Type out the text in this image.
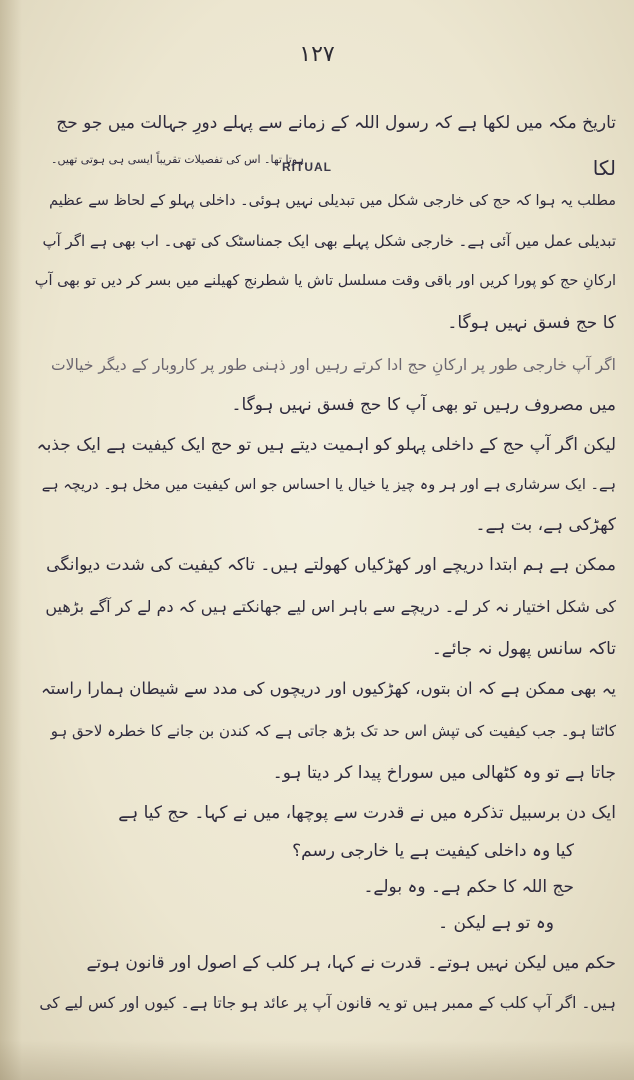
۱۲۷
RITUAL
تاریخ مکہ میں لکھا ہے کہ رسول اللہ کے زمانے سے پہلے دورِ جہالت میں جو حج
ہوتا تھا۔ اس کی تفصیلات تقریباً ایسی ہی ہوتی تھیں۔	لکا
مطلب یہ ہوا کہ حج کی خارجی شکل میں تبدیلی نہیں ہوئی۔ داخلی پہلو کے لحاظ سے عظیم
تبدیلی عمل میں آئی ہے۔ خارجی شکل پہلے بھی ایک جمناسٹک کی تھی۔ اب بھی ہے اگر آپ
ارکانِ حج کو پورا کریں اور باقی وقت مسلسل تاش یا شطرنج کھیلنے میں بسر کر دیں تو بھی آپ
کا حج فسق نہیں ہوگا۔
اگر آپ خارجی طور پر ارکانِ حج ادا کرتے رہیں اور ذہنی طور پر کاروبار کے دیگر خیالات
میں مصروف رہیں تو بھی آپ کا حج فسق نہیں ہوگا۔
لیکن اگر آپ حج کے داخلی پہلو کو اہمیت دیتے ہیں تو حج ایک کیفیت ہے ایک جذبہ
ہے۔ ایک سرشاری ہے اور ہر وہ چیز یا خیال یا احساس جو اس کیفیت میں مخل ہو۔ دریچہ ہے
کھڑکی ہے، بت ہے۔
ممکن ہے ہم ابتدا دریچے اور کھڑکیاں کھولتے ہیں۔ تاکہ کیفیت کی شدت دیوانگی
کی شکل اختیار نہ کر لے۔ دریچے سے باہر اس لیے جھانکتے ہیں کہ دم لے کر آگے بڑھیں
تاکہ سانس پھول نہ جائے۔
یہ بھی ممکن ہے کہ ان بتوں، کھڑکیوں اور دریچوں کی مدد سے شیطان ہمارا راستہ
کاٹتا ہو۔ جب کیفیت کی تپش اس حد تک بڑھ جاتی ہے کہ کندن بن جانے کا خطرہ لاحق ہو
جاتا ہے تو وہ کٹھالی میں سوراخ پیدا کر دیتا ہو۔
ایک دن برسبیل تذکرہ میں نے قدرت سے پوچھا، میں نے کہا۔ حج کیا ہے
کیا وہ داخلی کیفیت ہے یا خارجی رسم؟
حج اللہ کا حکم ہے۔ وہ بولے۔
وہ تو ہے لیکن ۔
حکم میں لیکن نہیں ہوتے۔ قدرت نے کہا، ہر کلب کے اصول اور قانون ہوتے
ہیں۔ اگر آپ کلب کے ممبر ہیں تو یہ قانون آپ پر عائد ہو جاتا ہے۔ کیوں اور کس لیے کی
